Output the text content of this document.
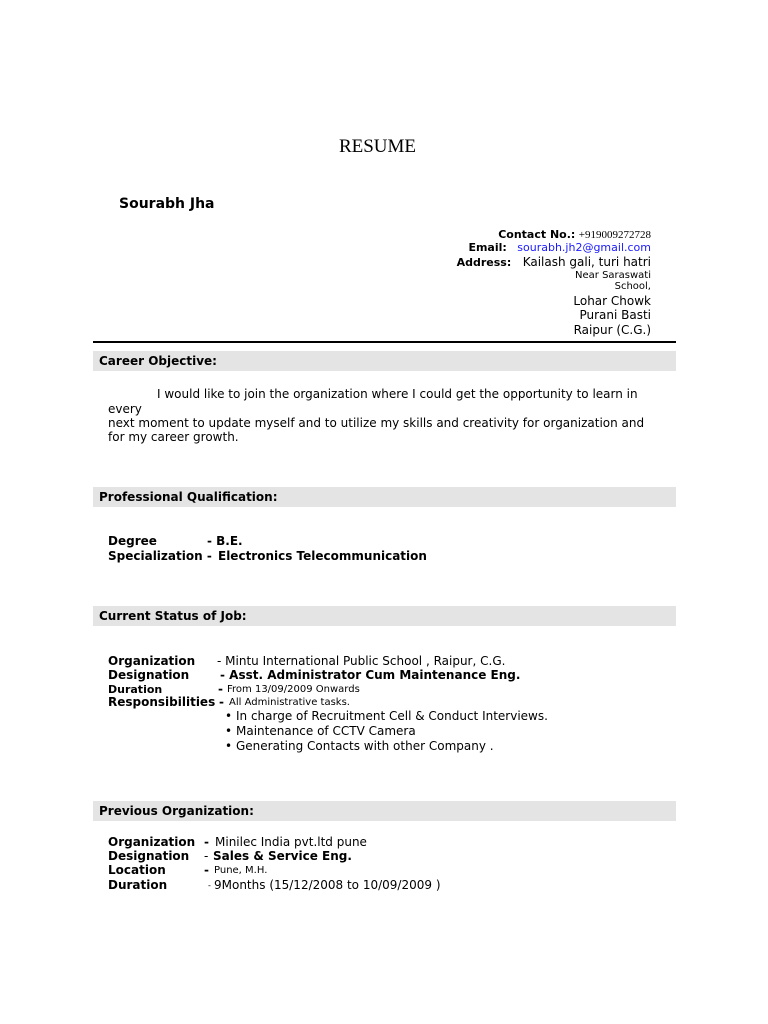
RESUME
Sourabh Jha
Contact No.: +919009272728
Email: sourabh.jh2@gmail.com
Address: Kailash gali, turi hatri
Near Saraswati
School,
Lohar Chowk
Purani Basti
Raipur (C.G.)
Career Objective:
I would like to join the organization where I could get the opportunity to learn in
every
next moment to update myself and to utilize my skills and creativity for organization and
for my career growth.
Professional Qualification:
Degree	- B.E.
Specialization - Electronics Telecommunication
Current Status of Job:
Organization - Mintu International Public School , Raipur, C.G.
Designation	- Asst. Administrator Cum Maintenance Eng.
Duration	- From 13/09/2009 Onwards
Responsibilities - All Administrative tasks.
• In charge of Recruitment Cell & Conduct Interviews.
• Maintenance of CCTV Camera
• Generating Contacts with other Company .
Previous Organization:
Organization - Minilec India pvt.ltd pune
Designation - Sales & Service Eng.
Location	- Pune, M.H.
Duration	- 9Months (15/12/2008 to 10/09/2009 )
